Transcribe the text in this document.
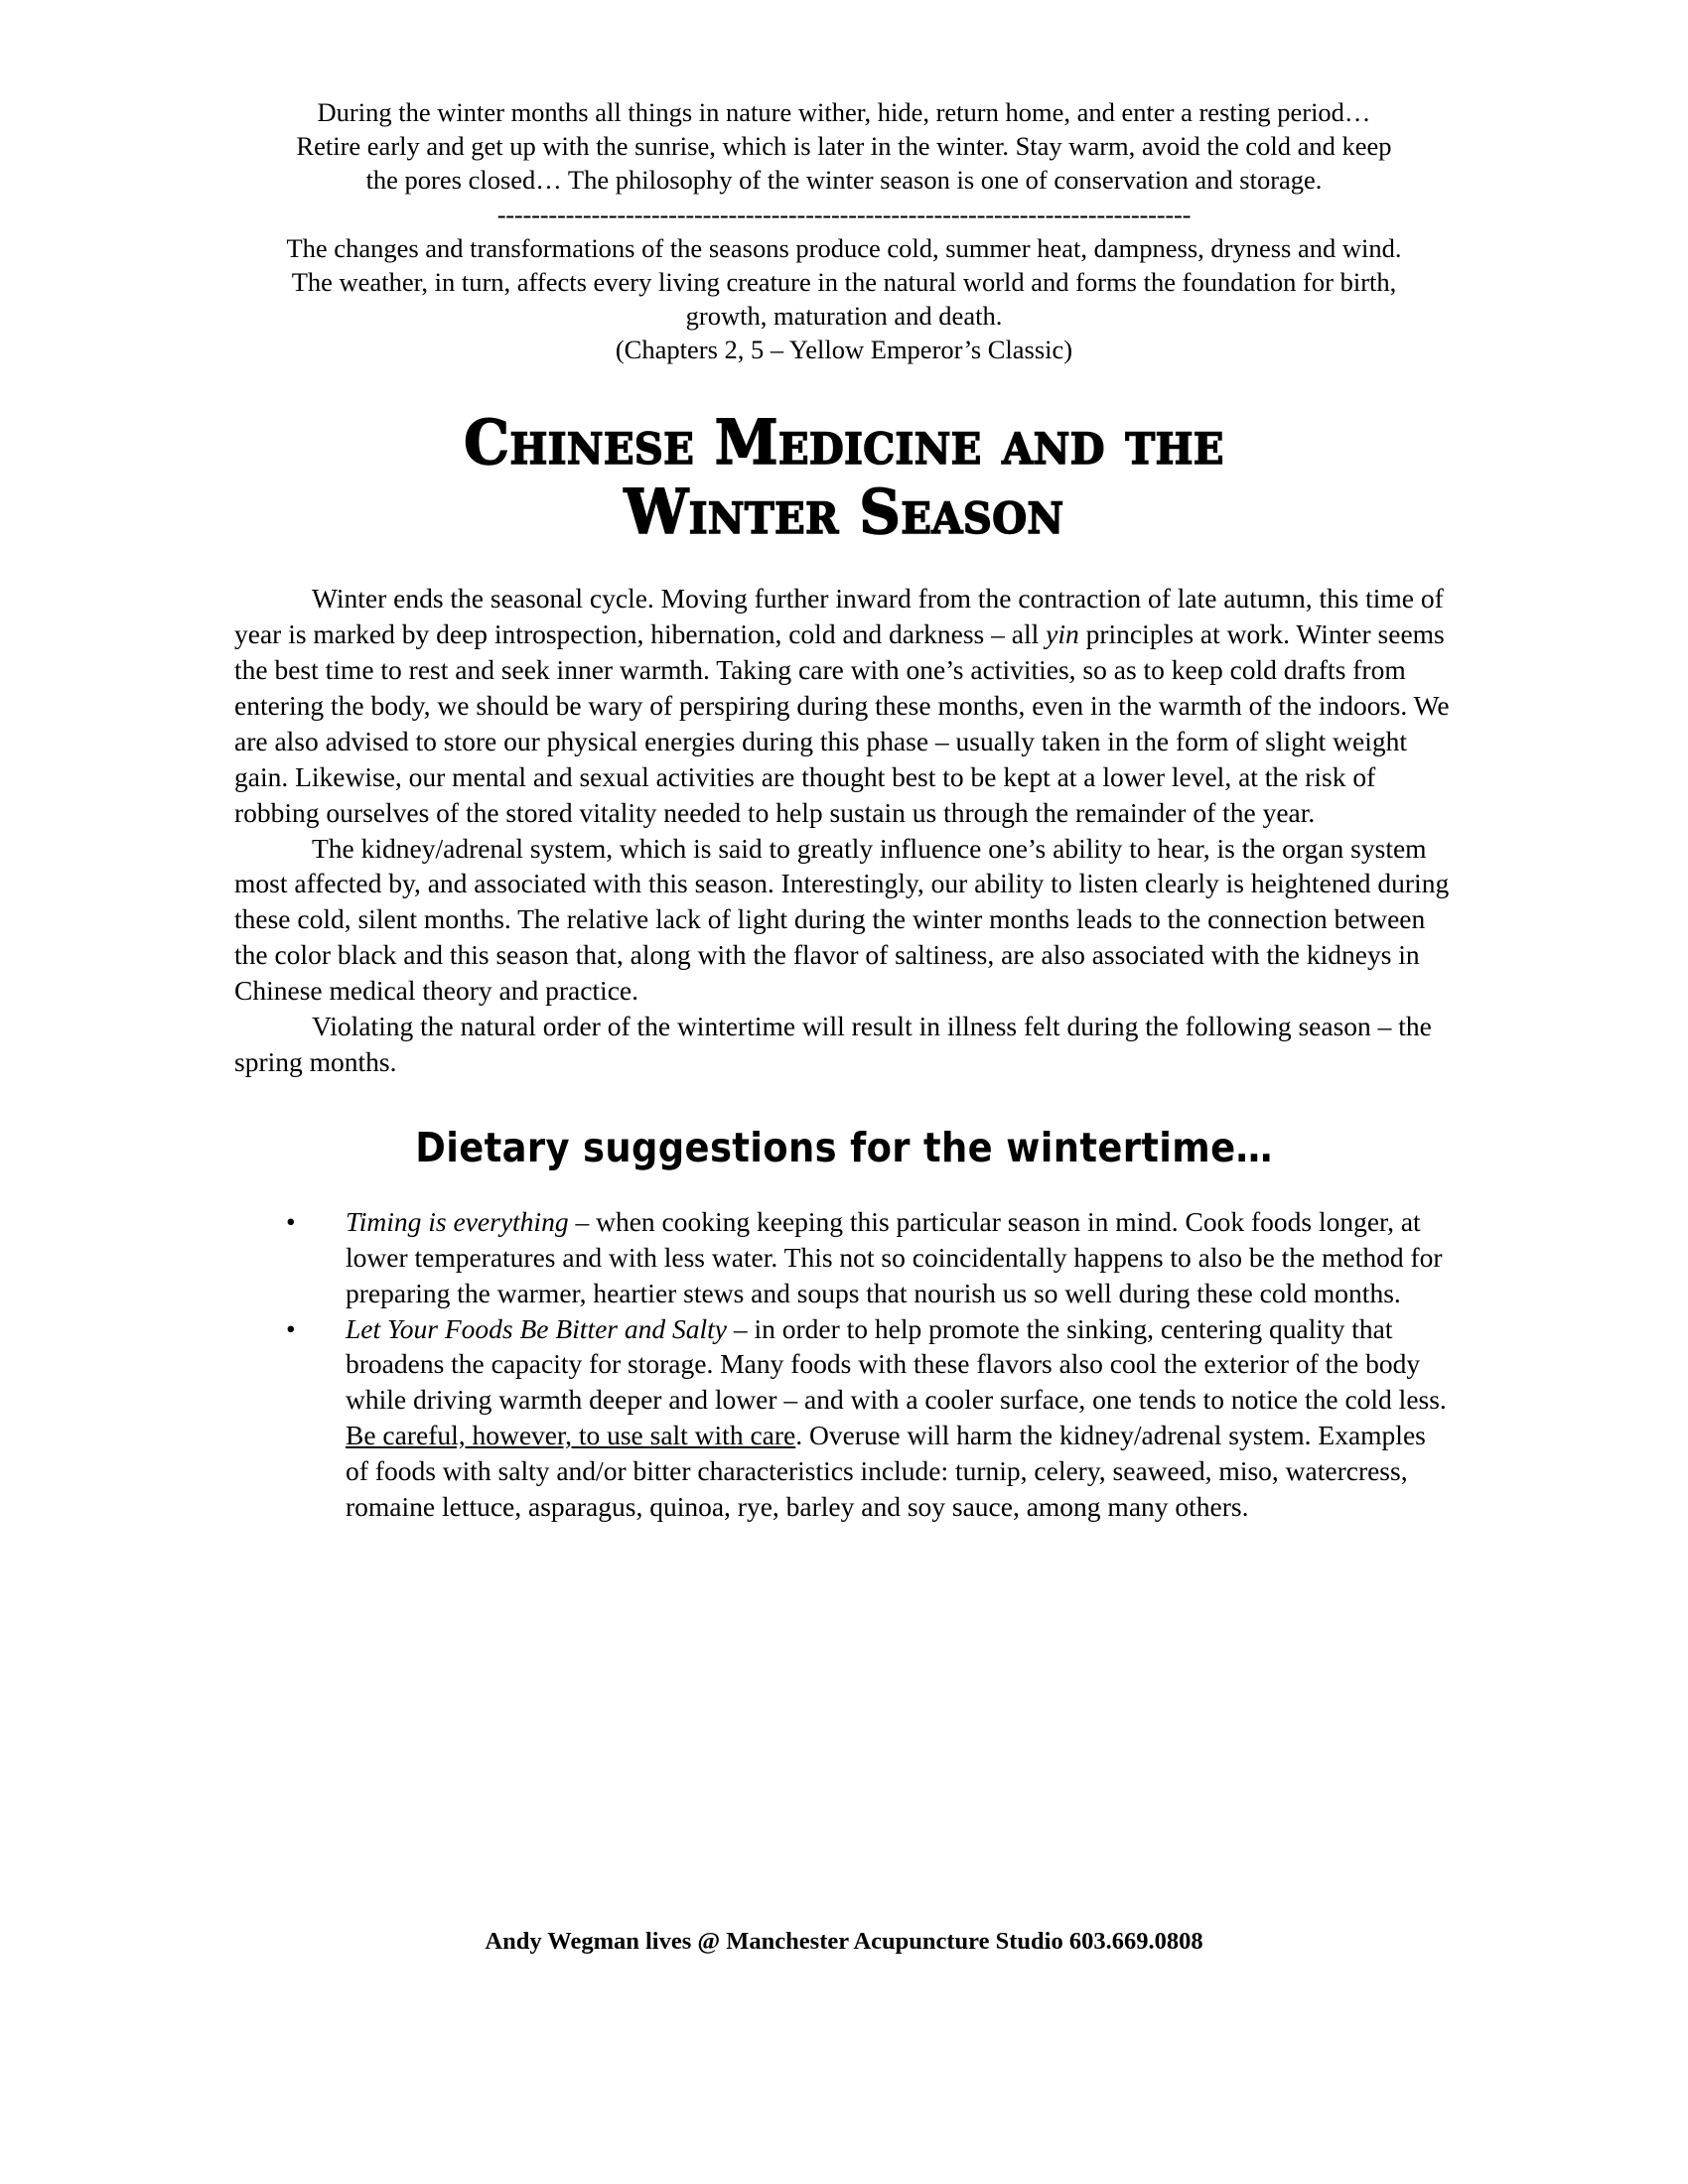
During the winter months all things in nature wither, hide, return home, and enter a resting period…
Retire early and get up with the sunrise, which is later in the winter. Stay warm, avoid the cold and keep
the pores closed… The philosophy of the winter season is one of conservation and storage.
---------------------------------------------------------------------------------
The changes and transformations of the seasons produce cold, summer heat, dampness, dryness and wind.
The weather, in turn, affects every living creature in the natural world and forms the foundation for birth,
growth, maturation and death.
(Chapters 2, 5 – Yellow Emperor’s Classic)
Chinese Medicine and the
Winter Season

Winter ends the seasonal cycle. Moving further inward from the contraction of late autumn, this time of year is marked by deep introspection, hibernation, cold and darkness – all yin principles at work. Winter seems the best time to rest and seek inner warmth. Taking care with one’s activities, so as to keep cold drafts from entering the body, we should be wary of perspiring during these months, even in the warmth of the indoors. We are also advised to store our physical energies during this phase – usually taken in the form of slight weight gain. Likewise, our mental and sexual activities are thought best to be kept at a lower level, at the risk of robbing ourselves of the stored vitality needed to help sustain us through the remainder of the year.

The kidney/adrenal system, which is said to greatly influence one’s ability to hear, is the organ system most affected by, and associated with this season. Interestingly, our ability to listen clearly is heightened during these cold, silent months. The relative lack of light during the winter months leads to the connection between the color black and this season that, along with the flavor of saltiness, are also associated with the kidneys in Chinese medical theory and practice.

Violating the natural order of the wintertime will result in illness felt during the following season – the spring months.

Dietary suggestions for the wintertime…
• Timing is everything – when cooking keeping this particular season in mind. Cook foods longer, at lower temperatures and with less water. This not so coincidentally happens to also be the method for preparing the warmer, heartier stews and soups that nourish us so well during these cold months.
• Let Your Foods Be Bitter and Salty – in order to help promote the sinking, centering quality that broadens the capacity for storage. Many foods with these flavors also cool the exterior of the body while driving warmth deeper and lower – and with a cooler surface, one tends to notice the cold less. Be careful, however, to use salt with care. Overuse will harm the kidney/adrenal system. Examples of foods with salty and/or bitter characteristics include: turnip, celery, seaweed, miso, watercress, romaine lettuce, asparagus, quinoa, rye, barley and soy sauce, among many others.
Andy Wegman lives @ Manchester Acupuncture Studio 603.669.0808
